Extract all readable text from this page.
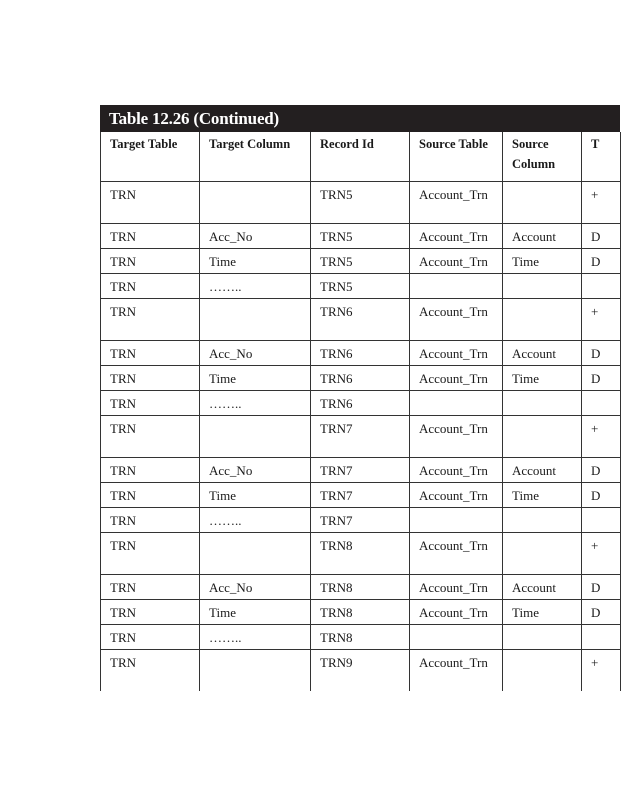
Table 12.26 (Continued)
Target Table	Target Column	Record Id	Source Table	Source Column	T
TRN		TRN5	Account_Trn		+
TRN	Acc_No	TRN5	Account_Trn	Account	D
TRN	Time	TRN5	Account_Trn	Time	D
TRN	……..	TRN5			
TRN		TRN6	Account_Trn		+
TRN	Acc_No	TRN6	Account_Trn	Account	D
TRN	Time	TRN6	Account_Trn	Time	D
TRN	……..	TRN6			
TRN		TRN7	Account_Trn		+
TRN	Acc_No	TRN7	Account_Trn	Account	D
TRN	Time	TRN7	Account_Trn	Time	D
TRN	……..	TRN7			
TRN		TRN8	Account_Trn		+
TRN	Acc_No	TRN8	Account_Trn	Account	D
TRN	Time	TRN8	Account_Trn	Time	D
TRN	……..	TRN8			
TRN		TRN9	Account_Trn		+
